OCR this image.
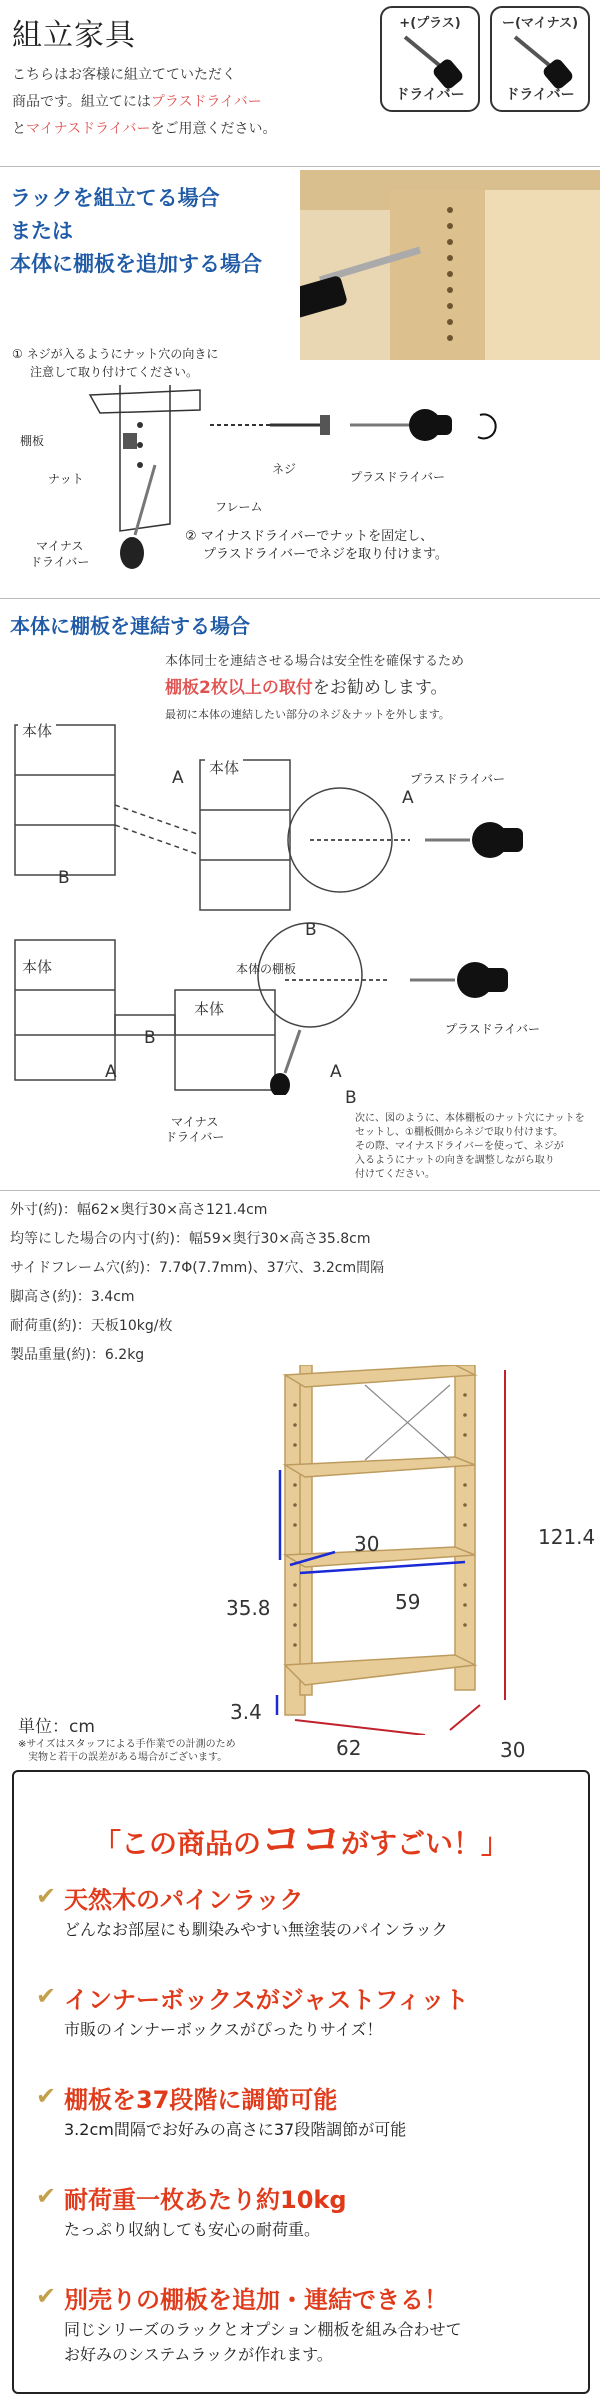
組立家具
こちらはお客様に組立てていただく
商品です。組立てにはプラスドライバー
とマイナスドライバーをご用意ください。
+(プラス)
ドライバー
ー(マイナス)
ドライバー
ラックを組立てる場合
または
本体に棚板を追加する場合
① ネジが入るようにナット穴の向きに
注意して取り付けてください。
棚板
ナット
ネジ
フレーム
プラスドライバー
マイナス
ドライバー
② マイナスドライバーでナットを固定し、
プラスドライバーでネジを取り付けます。
本体に棚板を連結する場合
本体同士を連結させる場合は安全性を確保するため
棚板2枚以上の取付をお勧めします。
最初に本体の連結したい部分のネジ＆ナットを外します。
本体
本体
A
B
A
B
プラスドライバー
本体
本体
本体の棚板
A
B
A
B
プラスドライバー
マイナス
ドライバー
次に、図のように、本体棚板のナット穴にナットを
セットし、①棚板側からネジで取り付けます。
その際、マイナスドライバーを使って、ネジが
入るようにナットの向きを調整しながら取り
付けてください。
外寸(約)：幅62×奥行30×高さ121.4cm
均等にした場合の内寸(約)：幅59×奥行30×高さ35.8cm
サイドフレーム穴(約)：7.7Φ(7.7mm)、37穴、3.2cm間隔
脚高さ(約)：3.4cm
耐荷重(約)：天板10kg/枚
製品重量(約)：6.2kg
121.4
35.8
30
59
3.4
62	30
単位：cm
※サイズはスタッフによる手作業での計測のため
実物と若干の誤差がある場合がございます。
「この商品のココがすごい！」
✔ 天然木のパインラック
どんなお部屋にも馴染みやすい無塗装のパインラック
✔ インナーボックスがジャストフィット
市販のインナーボックスがぴったりサイズ！
✔ 棚板を37段階に調節可能
3.2cm間隔でお好みの高さに37段階調節が可能
✔ 耐荷重一枚あたり約10kg
たっぷり収納しても安心の耐荷重。
✔ 別売りの棚板を追加・連結できる！
同じシリーズのラックとオプション棚板を組み合わせて
お好みのシステムラックが作れます。
